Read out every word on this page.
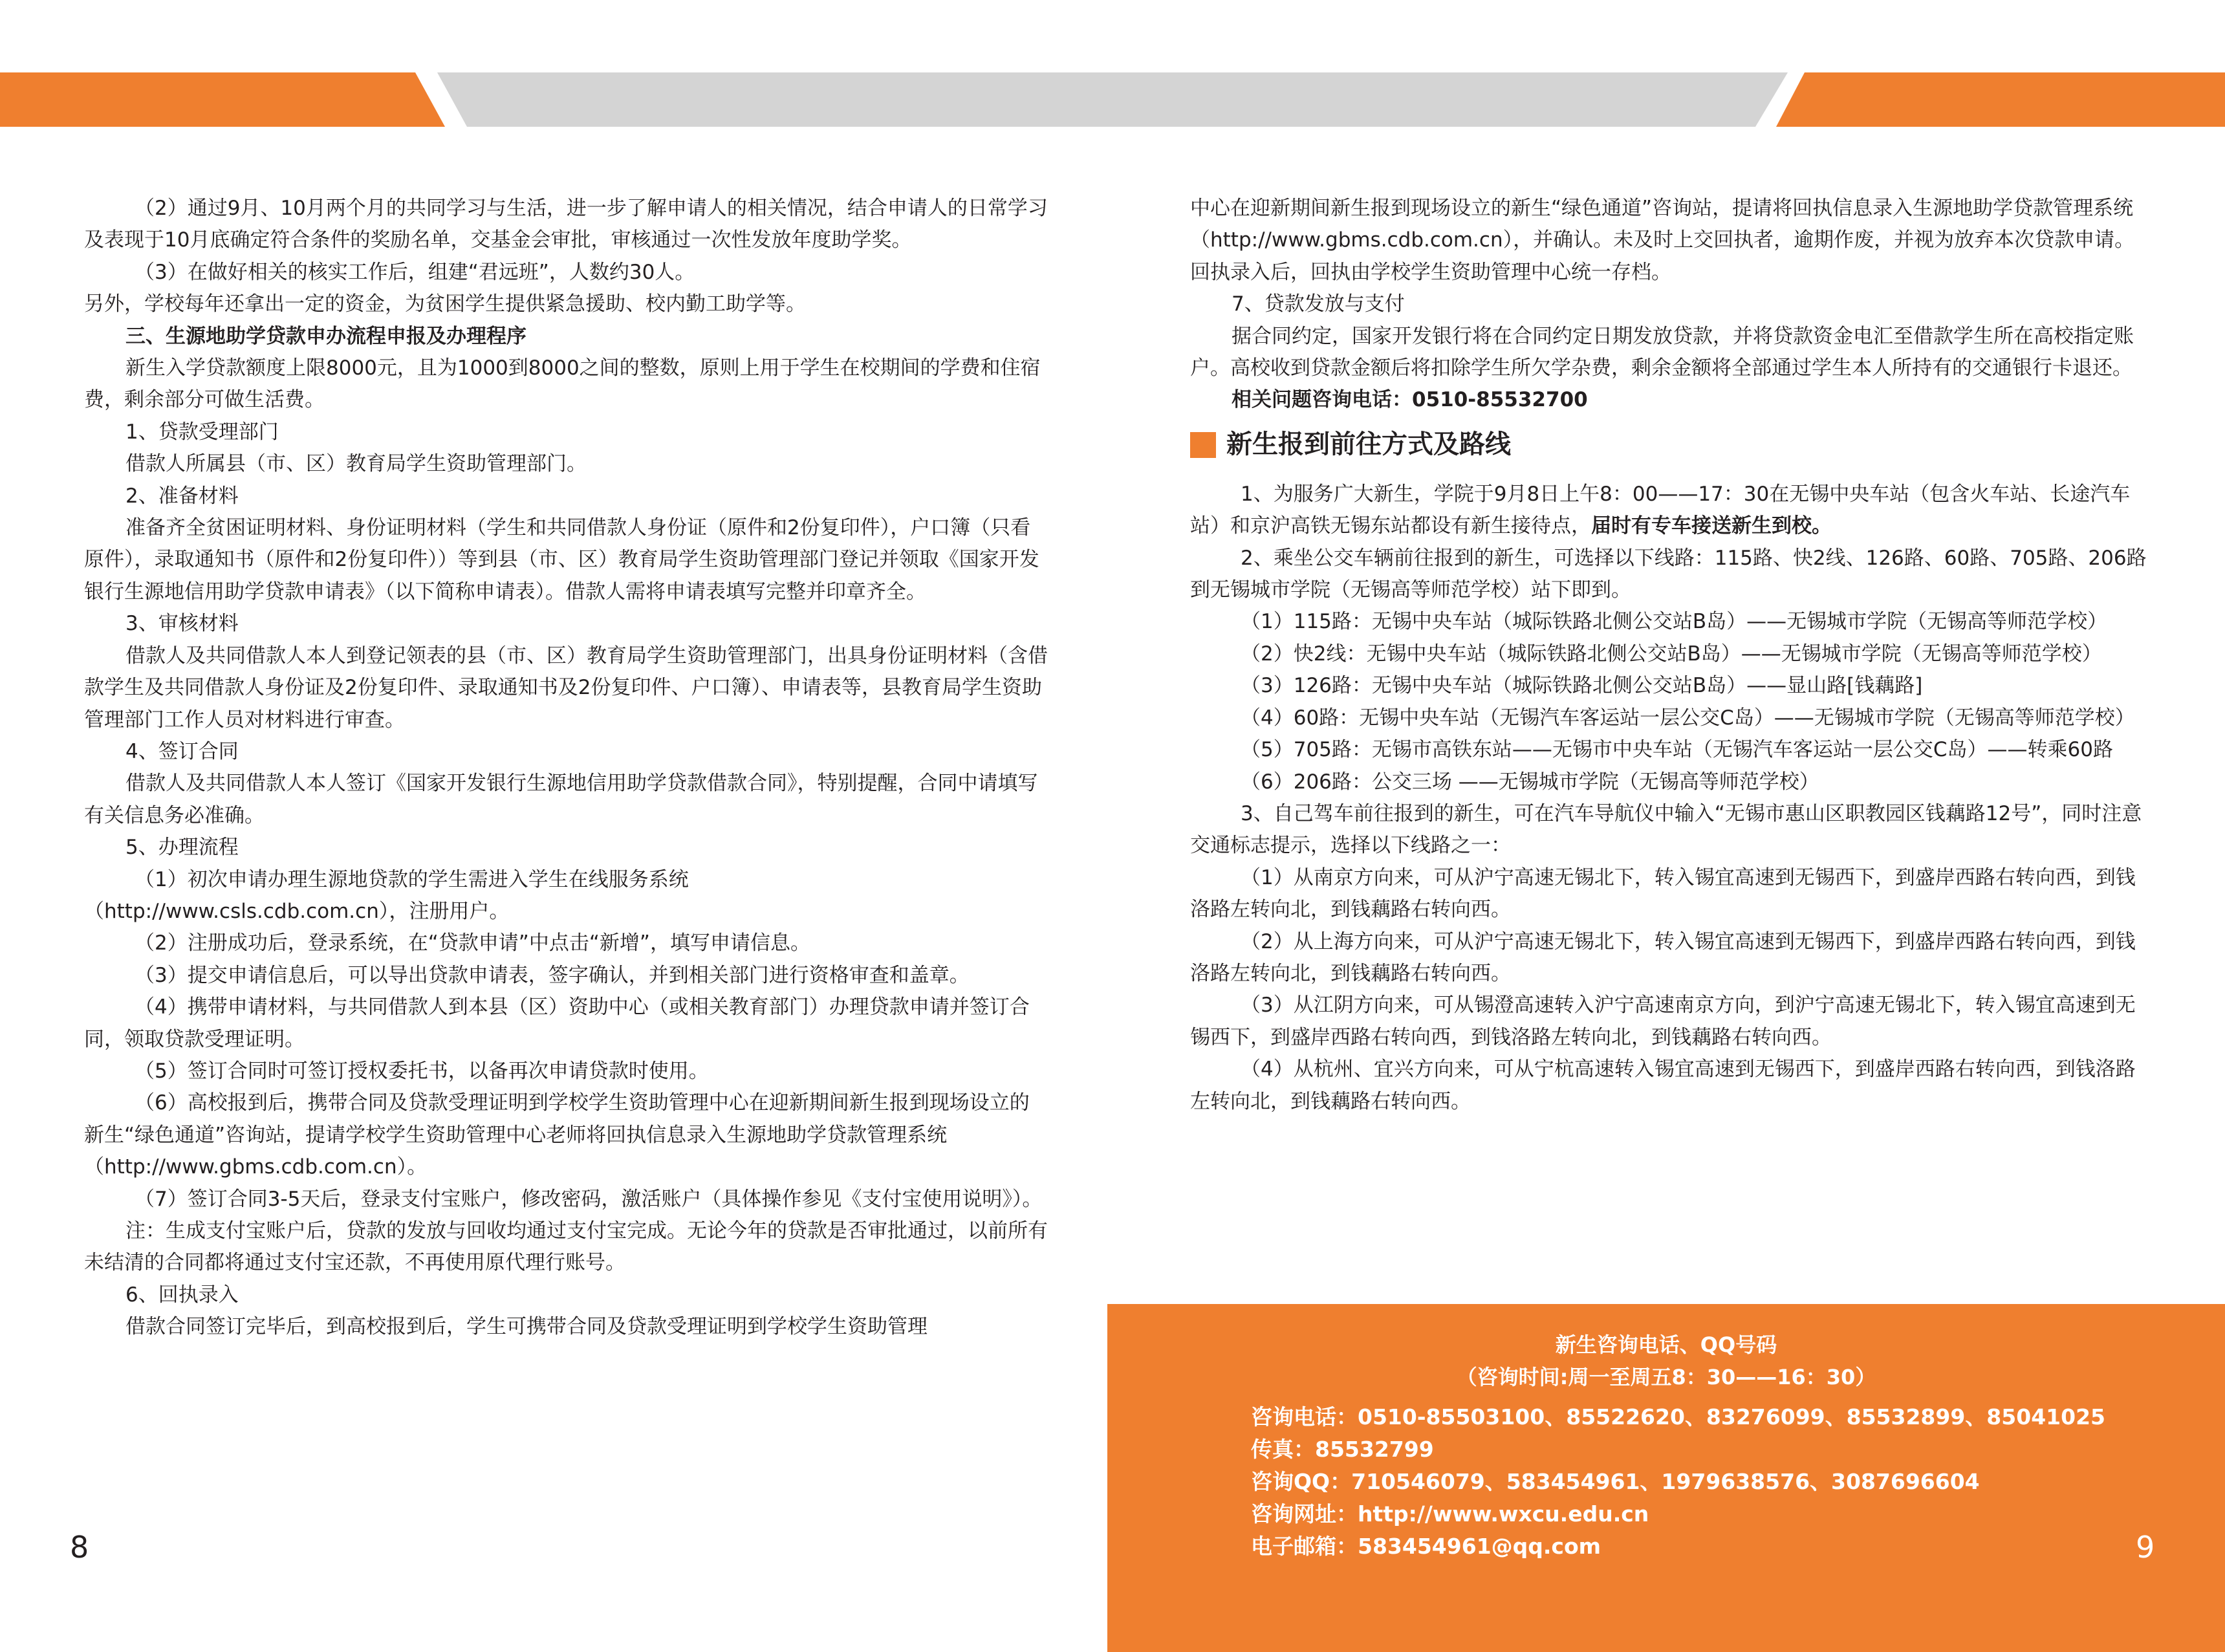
（2）通过9月、10月两个月的共同学习与生活，进一步了解申请人的相关情况，结合申请人的日常学习及表现于10月底确定符合条件的奖励名单，交基金会审批，审核通过一次性发放年度助学奖。

（3）在做好相关的核实工作后，组建“君远班”，人数约30人。

另外，学校每年还拿出一定的资金，为贫困学生提供紧急援助、校内勤工助学等。

三、生源地助学贷款申办流程申报及办理程序

新生入学贷款额度上限8000元，且为1000到8000之间的整数，原则上用于学生在校期间的学费和住宿费，剩余部分可做生活费。

1、贷款受理部门

借款人所属县（市、区）教育局学生资助管理部门。

2、准备材料

准备齐全贫困证明材料、身份证明材料（学生和共同借款人身份证（原件和2份复印件），户口簿（只看原件），录取通知书（原件和2份复印件））等到县（市、区）教育局学生资助管理部门登记并领取《国家开发银行生源地信用助学贷款申请表》（以下简称申请表）。借款人需将申请表填写完整并印章齐全。

3、审核材料

借款人及共同借款人本人到登记领表的县（市、区）教育局学生资助管理部门，出具身份证明材料（含借款学生及共同借款人身份证及2份复印件、录取通知书及2份复印件、户口簿）、申请表等，县教育局学生资助管理部门工作人员对材料进行审查。

4、签订合同

借款人及共同借款人本人签订《国家开发银行生源地信用助学贷款借款合同》，特别提醒，合同中请填写有关信息务必准确。

5、办理流程

（1）初次申请办理生源地贷款的学生需进入学生在线服务系统

（http://www.csls.cdb.com.cn），注册用户。

（2）注册成功后，登录系统，在“贷款申请”中点击“新增”，填写申请信息。

（3）提交申请信息后，可以导出贷款申请表，签字确认，并到相关部门进行资格审查和盖章。

（4）携带申请材料，与共同借款人到本县（区）资助中心（或相关教育部门）办理贷款申请并签订合同，领取贷款受理证明。

（5）签订合同时可签订授权委托书，以备再次申请贷款时使用。

（6）高校报到后，携带合同及贷款受理证明到学校学生资助管理中心在迎新期间新生报到现场设立的新生“绿色通道”咨询站，提请学校学生资助管理中心老师将回执信息录入生源地助学贷款管理系统（http://www.gbms.cdb.com.cn）。

（7）签订合同3-5天后，登录支付宝账户，修改密码，激活账户（具体操作参见《支付宝使用说明》）。

注：生成支付宝账户后，贷款的发放与回收均通过支付宝完成。无论今年的贷款是否审批通过，以前所有未结清的合同都将通过支付宝还款，不再使用原代理行账号。

6、回执录入

借款合同签订完毕后，到高校报到后，学生可携带合同及贷款受理证明到学校学生资助管理

中心在迎新期间新生报到现场设立的新生“绿色通道”咨询站，提请将回执信息录入生源地助学贷款管理系统（http://www.gbms.cdb.com.cn），并确认。未及时上交回执者，逾期作废，并视为放弃本次贷款申请。回执录入后，回执由学校学生资助管理中心统一存档。

7、贷款发放与支付

据合同约定，国家开发银行将在合同约定日期发放贷款，并将贷款资金电汇至借款学生所在高校指定账户。高校收到贷款金额后将扣除学生所欠学杂费，剩余金额将全部通过学生本人所持有的交通银行卡退还。

相关问题咨询电话：0510-85532700

新生报到前往方式及路线

1、为服务广大新生，学院于9月8日上午8：00——17：30在无锡中央车站（包含火车站、长途汽车站）和京沪高铁无锡东站都设有新生接待点，届时有专车接送新生到校。

2、乘坐公交车辆前往报到的新生，可选择以下线路：115路、快2线、126路、60路、705路、206路到无锡城市学院（无锡高等师范学校）站下即到。

（1）115路：无锡中央车站（城际铁路北侧公交站B岛）——无锡城市学院（无锡高等师范学校）

（2）快2线：无锡中央车站（城际铁路北侧公交站B岛）——无锡城市学院（无锡高等师范学校）

（3）126路：无锡中央车站（城际铁路北侧公交站B岛）——显山路[钱藕路]

（4）60路：无锡中央车站（无锡汽车客运站一层公交C岛）——无锡城市学院（无锡高等师范学校）

（5）705路：无锡市高铁东站——无锡市中央车站（无锡汽车客运站一层公交C岛）——转乘60路

（6）206路：公交三场 ——无锡城市学院（无锡高等师范学校）

3、自己驾车前往报到的新生，可在汽车导航仪中输入“无锡市惠山区职教园区钱藕路12号”，同时注意交通标志提示，选择以下线路之一：

（1）从南京方向来，可从沪宁高速无锡北下，转入锡宜高速到无锡西下，到盛岸西路右转向西，到钱洛路左转向北，到钱藕路右转向西。

（2）从上海方向来，可从沪宁高速无锡北下，转入锡宜高速到无锡西下，到盛岸西路右转向西，到钱洛路左转向北，到钱藕路右转向西。

（3）从江阴方向来，可从锡澄高速转入沪宁高速南京方向，到沪宁高速无锡北下，转入锡宜高速到无锡西下，到盛岸西路右转向西，到钱洛路左转向北，到钱藕路右转向西。

（4）从杭州、宜兴方向来，可从宁杭高速转入锡宜高速到无锡西下，到盛岸西路右转向西，到钱洛路左转向北，到钱藕路右转向西。

新生咨询电话、QQ号码
（咨询时间:周一至周五8：30——16：30）
咨询电话：0510-85503100、85522620、83276099、85532899、85041025
传真：85532799
咨询QQ：710546079、583454961、1979638576、3087696604
咨询网址：http://www.wxcu.edu.cn
电子邮箱：583454961@qq.com
8	9
